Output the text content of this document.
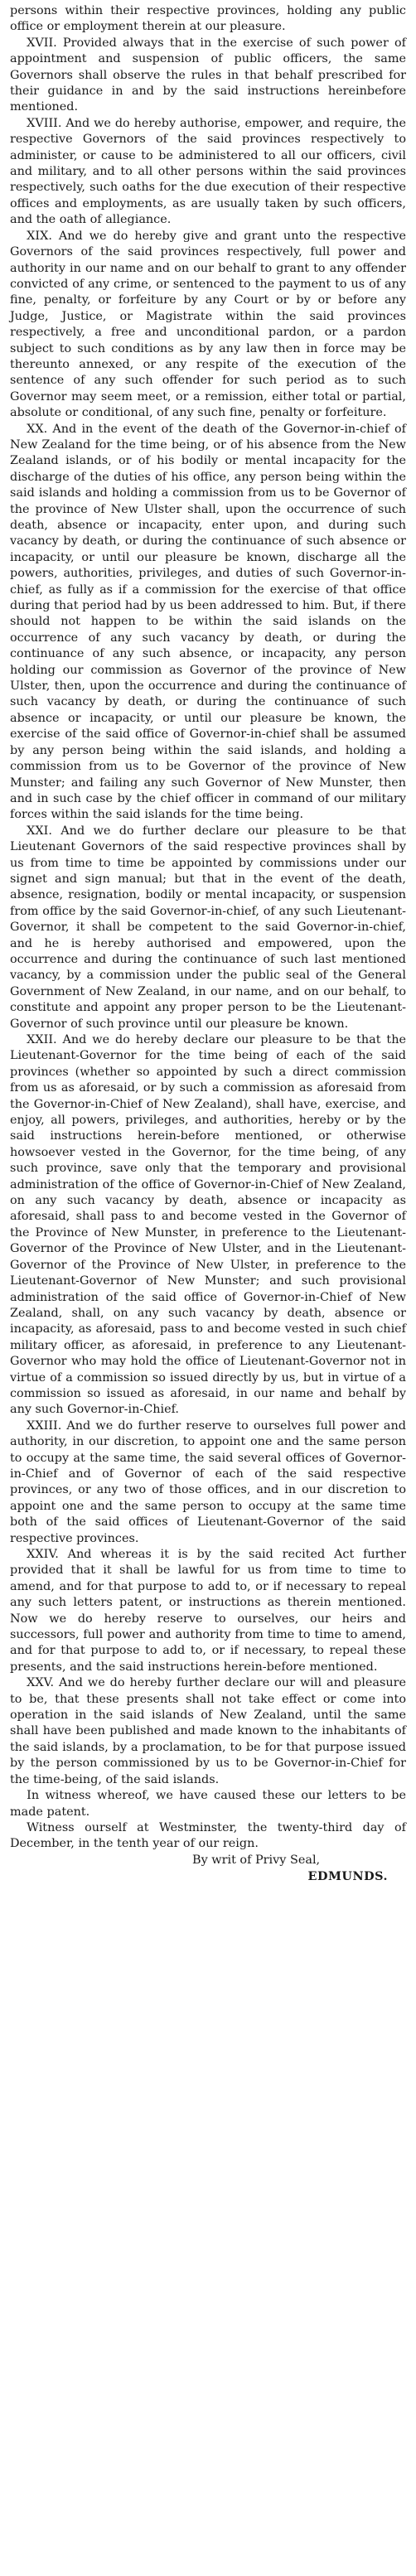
persons within their respective provinces, holding any public office or employment therein at our pleasure.

XVII. Provided always that in the exercise of such power of appointment and suspension of public officers, the same Governors shall observe the rules in that behalf prescribed for their guidance in and by the said instructions hereinbefore mentioned.

XVIII. And we do hereby authorise, empower, and require, the respective Governors of the said provinces respectively to administer, or cause to be administered to all our officers, civil and military, and to all other persons within the said provinces respectively, such oaths for the due execution of their respective offices and employments, as are usually taken by such officers, and the oath of allegiance.

XIX. And we do hereby give and grant unto the respective Governors of the said provinces respectively, full power and authority in our name and on our behalf to grant to any offender convicted of any crime, or sentenced to the payment to us of any fine, penalty, or forfeiture by any Court or by or before any Judge, Justice, or Magistrate within the said provinces respectively, a free and unconditional pardon, or a pardon subject to such conditions as by any law then in force may be thereunto annexed, or any respite of the execution of the sentence of any such offender for such period as to such Governor may seem meet, or a remission, either total or partial, absolute or conditional, of any such fine, penalty or forfeiture.

XX. And in the event of the death of the Governor-in-chief of New Zealand for the time being, or of his absence from the New Zealand islands, or of his bodily or mental incapacity for the discharge of the duties of his office, any person being within the said islands and holding a commission from us to be Governor of the province of New Ulster shall, upon the occurrence of such death, absence or incapacity, enter upon, and during such vacancy by death, or during the continuance of such absence or incapacity, or until our pleasure be known, discharge all the powers, authorities, privileges, and duties of such Governor-in-chief, as fully as if a commission for the exercise of that office during that period had by us been addressed to him. But, if there should not happen to be within the said islands on the occurrence of any such vacancy by death, or during the continuance of any such absence, or incapacity, any person holding our commission as Governor of the province of New Ulster, then, upon the occurrence and during the continuance of such vacancy by death, or during the continuance of such absence or incapacity, or until our pleasure be known, the exercise of the said office of Governor-in-chief shall be assumed by any person being within the said islands, and holding a commission from us to be Governor of the province of New Munster; and failing any such Governor of New Munster, then and in such case by the chief officer in command of our military forces within the said islands for the time being.

XXI. And we do further declare our pleasure to be that Lieutenant Governors of the said respective provinces shall by us from time to time be appointed by commissions under our signet and sign manual; but that in the event of the death, absence, resignation, bodily or mental incapacity, or suspension from office by the said Governor-in-chief, of any such Lieutenant-Governor, it shall be competent to the said Governor-in-chief, and he is hereby authorised and empowered, upon the occurrence and during the continuance of such last mentioned vacancy, by a commission under the public seal of the General Government of New Zealand, in our name, and on our behalf, to constitute and appoint any proper person to be the Lieutenant-Governor of such province until our pleasure be known.

XXII. And we do hereby declare our pleasure to be that the Lieutenant-Governor for the time being of each of the said provinces (whether so appointed by such a direct commission from us as aforesaid, or by such a commission as aforesaid from the Governor-in-Chief of New Zealand), shall have, exercise, and enjoy, all powers, privileges, and authorities, hereby or by the said instructions herein-before mentioned, or otherwise howsoever vested in the Governor, for the time being, of any such province, save only that the temporary and provisional administration of the office of Governor-in-Chief of New Zealand, on any such vacancy by death, absence or incapacity as aforesaid, shall pass to and become vested in the Governor of the Province of New Munster, in preference to the Lieutenant-Governor of the Province of New Ulster, and in the Lieutenant-Governor of the Province of New Ulster, in preference to the Lieutenant-Governor of New Munster; and such provisional administration of the said office of Governor-in-Chief of New Zealand, shall, on any such vacancy by death, absence or incapacity, as aforesaid, pass to and become vested in such chief military officer, as aforesaid, in preference to any Lieutenant-Governor who may hold the office of Lieutenant-Governor not in virtue of a commission so issued directly by us, but in virtue of a commission so issued as aforesaid, in our name and behalf by any such Governor-in-Chief.

XXIII. And we do further reserve to ourselves full power and authority, in our discretion, to appoint one and the same person to occupy at the same time, the said several offices of Governor-in-Chief and of Governor of each of the said respective provinces, or any two of those offices, and in our discretion to appoint one and the same person to occupy at the same time both of the said offices of Lieutenant-Governor of the said respective provinces.

XXIV. And whereas it is by the said recited Act further provided that it shall be lawful for us from time to time to amend, and for that purpose to add to, or if necessary to repeal any such letters patent, or instructions as therein mentioned. Now we do hereby reserve to ourselves, our heirs and successors, full power and authority from time to time to amend, and for that purpose to add to, or if necessary, to repeal these presents, and the said instructions herein-before mentioned.

XXV. And we do hereby further declare our will and pleasure to be, that these presents shall not take effect or come into operation in the said islands of New Zealand, until the same shall have been published and made known to the inhabitants of the said islands, by a proclamation, to be for that purpose issued by the person commissioned by us to be Governor-in-Chief for the time-being, of the said islands.

In witness whereof, we have caused these our letters to be made patent.

Witness ourself at Westminster, the twenty-third day of December, in the tenth year of our reign.

By writ of Privy Seal,

EDMUNDS.
